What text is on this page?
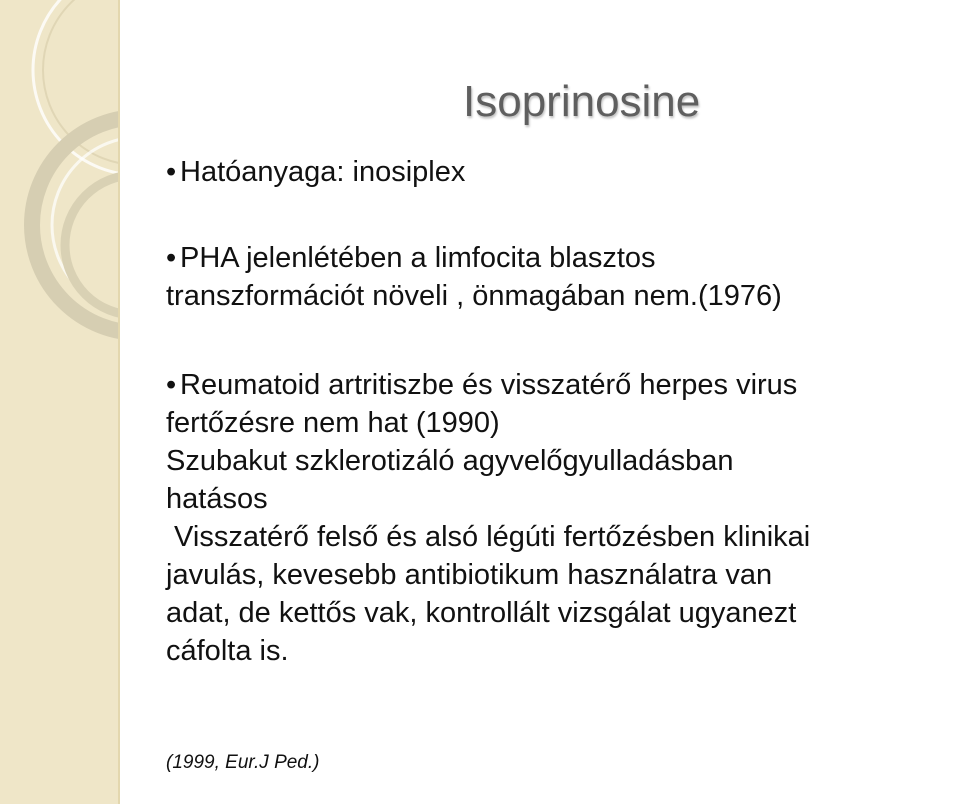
Isoprinosine
• Hatóanyaga: inosiplex
• PHA jelenlétében a limfocita blasztos
transzformációt növeli , önmagában nem.(1976)
• Reumatoid artritiszbe és visszatérő herpes virus
fertőzésre nem hat (1990)
Szubakut szklerotizáló agyvelőgyulladásban
hatásos
Visszatérő felső és alsó légúti fertőzésben klinikai
javulás, kevesebb antibiotikum használatra van
adat, de kettős vak, kontrollált vizsgálat ugyanezt
cáfolta is.
(1999, Eur.J Ped.)
